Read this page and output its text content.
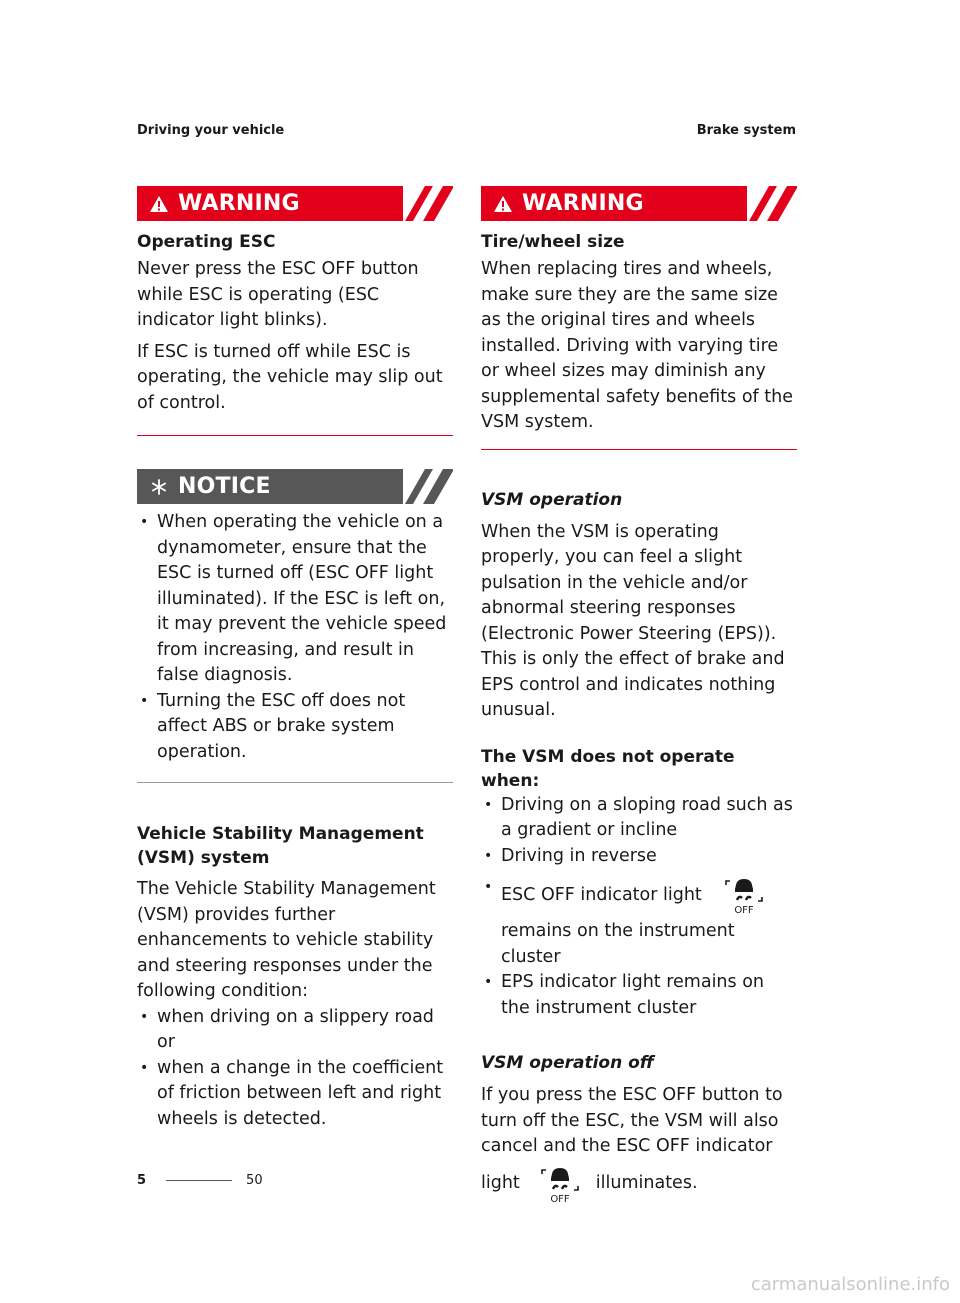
Driving your vehicle	Brake system
WARNING
Operating ESC
Never press the ESC OFF button while ESC is operating (ESC indicator light blinks).
If ESC is turned off while ESC is operating, the vehicle may slip out of control.
NOTICE
• When operating the vehicle on a dynamometer, ensure that the ESC is turned off (ESC OFF light illuminated). If the ESC is left on, it may prevent the vehicle speed from increasing, and result in false diagnosis.
• Turning the ESC off does not affect ABS or brake system operation.
Vehicle Stability Management (VSM) system
The Vehicle Stability Management (VSM) provides further enhancements to vehicle stability and steering responses under the following condition:
• when driving on a slippery road or
• when a change in the coefficient of friction between left and right wheels is detected.
WARNING
Tire/wheel size
When replacing tires and wheels, make sure they are the same size as the original tires and wheels installed. Driving with varying tire or wheel sizes may diminish any supplemental safety benefits of the VSM system.
VSM operation
When the VSM is operating properly, you can feel a slight pulsation in the vehicle and/or abnormal steering responses (Electronic Power Steering (EPS)). This is only the effect of brake and EPS control and indicates nothing unusual.
The VSM does not operate when:
• Driving on a sloping road such as a gradient or incline
• Driving in reverse
• ESC OFF indicator light
OFF
remains on the instrument cluster
• EPS indicator light remains on the instrument cluster
VSM operation off
If you press the ESC OFF button to turn off the ESC, the VSM will also cancel and the ESC OFF indicator
light
OFF
illuminates.
5	50
carmanualsonline.info
